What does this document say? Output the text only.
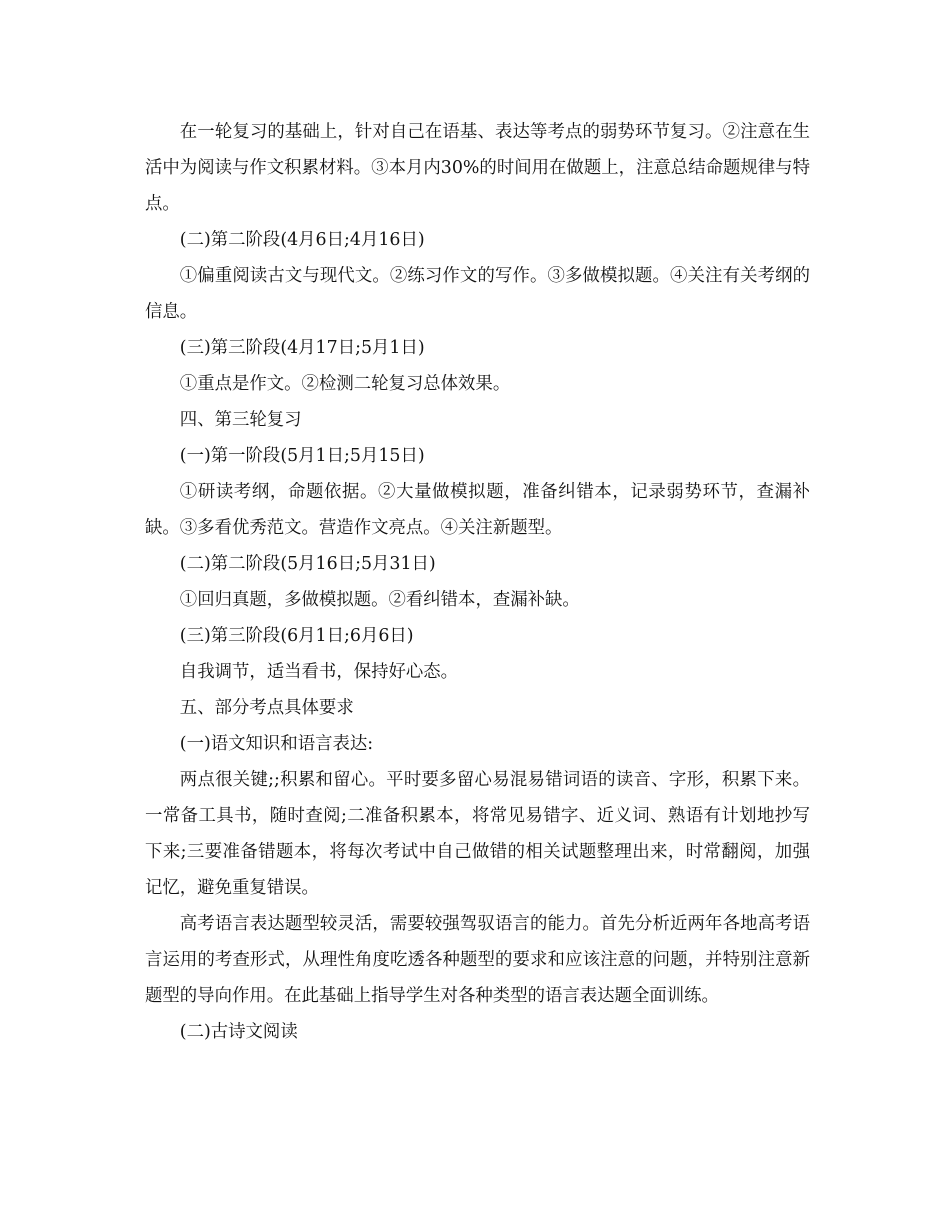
在一轮复习的基础上，针对自己在语基、表达等考点的弱势环节复习。②注意在生活中为阅读与作文积累材料。③本月内30%的时间用在做题上，注意总结命题规律与特点。

(二)第二阶段(4月6日;4月16日)

①偏重阅读古文与现代文。②练习作文的写作。③多做模拟题。④关注有关考纲的信息。

(三)第三阶段(4月17日;5月1日)

①重点是作文。②检测二轮复习总体效果。

四、第三轮复习

(一)第一阶段(5月1日;5月15日)

①研读考纲，命题依据。②大量做模拟题，准备纠错本，记录弱势环节，查漏补缺。③多看优秀范文。营造作文亮点。④关注新题型。

(二)第二阶段(5月16日;5月31日)

①回归真题，多做模拟题。②看纠错本，查漏补缺。

(三)第三阶段(6月1日;6月6日)

自我调节，适当看书，保持好心态。

五、部分考点具体要求

(一)语文知识和语言表达:

两点很关键;;积累和留心。平时要多留心易混易错词语的读音、字形，积累下来。一常备工具书，随时查阅;二准备积累本，将常见易错字、近义词、熟语有计划地抄写下来;三要准备错题本，将每次考试中自己做错的相关试题整理出来，时常翻阅，加强记忆，避免重复错误。

高考语言表达题型较灵活，需要较强驾驭语言的能力。首先分析近两年各地高考语言运用的考查形式，从理性角度吃透各种题型的要求和应该注意的问题，并特别注意新题型的导向作用。在此基础上指导学生对各种类型的语言表达题全面训练。

(二)古诗文阅读
